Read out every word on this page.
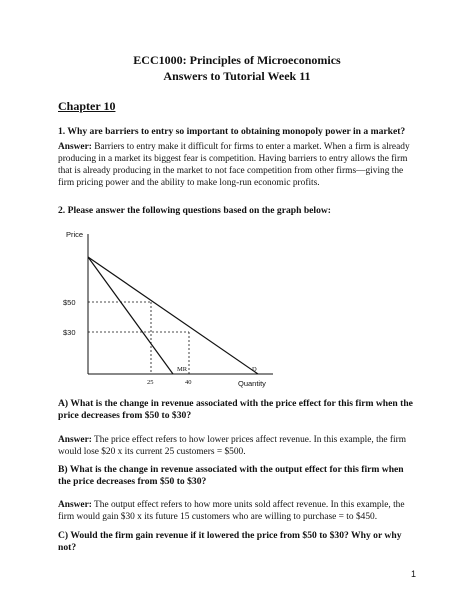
ECC1000: Principles of Microeconomics
Answers to Tutorial Week 11
Chapter 10
1. Why are barriers to entry so important to obtaining monopoly power in a market?
Answer: Barriers to entry make it difficult for firms to enter a market. When a firm is already producing in a market its biggest fear is competition. Having barriers to entry allows the firm that is already producing in the market to not face competition from other firms—giving the firm pricing power and the ability to make long-run economic profits.
2. Please answer the following questions based on the graph below:
Price
Quantity
$50
$30
25	40
MR	D
A) What is the change in revenue associated with the price effect for this firm when the price decreases from $50 to $30?
Answer: The price effect refers to how lower prices affect revenue. In this example, the firm would lose $20 x its current 25 customers = $500.
B) What is the change in revenue associated with the output effect for this firm when the price decreases from $50 to $30?
Answer: The output effect refers to how more units sold affect revenue. In this example, the firm would gain $30 x its future 15 customers who are willing to purchase = to $450.
C) Would the firm gain revenue if it lowered the price from $50 to $30? Why or why not?
1
